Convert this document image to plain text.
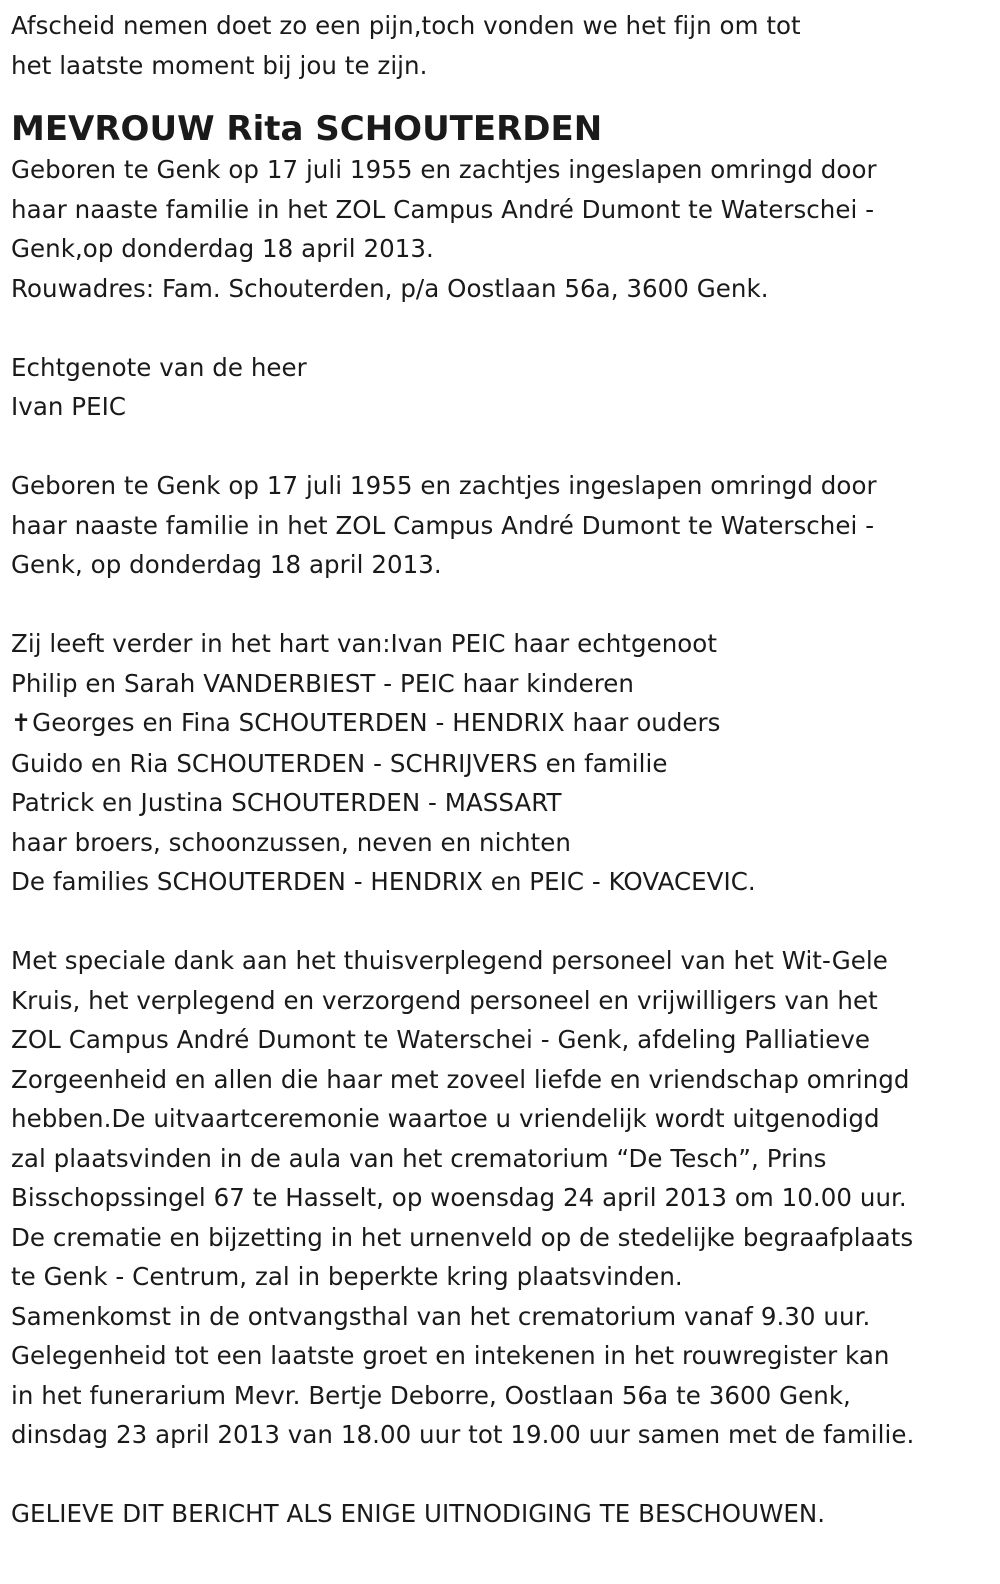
Afscheid nemen doet zo een pijn,toch vonden we het fijn om tot
het laatste moment bij jou te zijn.
MEVROUW Rita SCHOUTERDEN
Geboren te Genk op 17 juli 1955 en zachtjes ingeslapen omringd door
haar naaste familie in het ZOL Campus André Dumont te Waterschei -
Genk,op donderdag 18 april 2013.
Rouwadres: Fam. Schouterden, p/a Oostlaan 56a, 3600 Genk.
Echtgenote van de heer
Ivan PEIC
Geboren te Genk op 17 juli 1955 en zachtjes ingeslapen omringd door
haar naaste familie in het ZOL Campus André Dumont te Waterschei -
Genk, op donderdag 18 april 2013.
Zij leeft verder in het hart van:Ivan PEIC haar echtgenoot
Philip en Sarah VANDERBIEST - PEIC haar kinderen
✝Georges en Fina SCHOUTERDEN - HENDRIX haar ouders
Guido en Ria SCHOUTERDEN - SCHRIJVERS en familie
Patrick en Justina SCHOUTERDEN - MASSART
haar broers, schoonzussen, neven en nichten
De families SCHOUTERDEN - HENDRIX en PEIC - KOVACEVIC.
Met speciale dank aan het thuisverplegend personeel van het Wit-Gele
Kruis, het verplegend en verzorgend personeel en vrijwilligers van het
ZOL Campus André Dumont te Waterschei - Genk, afdeling Palliatieve
Zorgeenheid en allen die haar met zoveel liefde en vriendschap omringd
hebben.De uitvaartceremonie waartoe u vriendelijk wordt uitgenodigd
zal plaatsvinden in de aula van het crematorium “De Tesch”, Prins
Bisschopssingel 67 te Hasselt, op woensdag 24 april 2013 om 10.00 uur.
De crematie en bijzetting in het urnenveld op de stedelijke begraafplaats
te Genk - Centrum, zal in beperkte kring plaatsvinden.
Samenkomst in de ontvangsthal van het crematorium vanaf 9.30 uur.
Gelegenheid tot een laatste groet en intekenen in het rouwregister kan
in het funerarium Mevr. Bertje Deborre, Oostlaan 56a te 3600 Genk,
dinsdag 23 april 2013 van 18.00 uur tot 19.00 uur samen met de familie.
GELIEVE DIT BERICHT ALS ENIGE UITNODIGING TE BESCHOUWEN.
